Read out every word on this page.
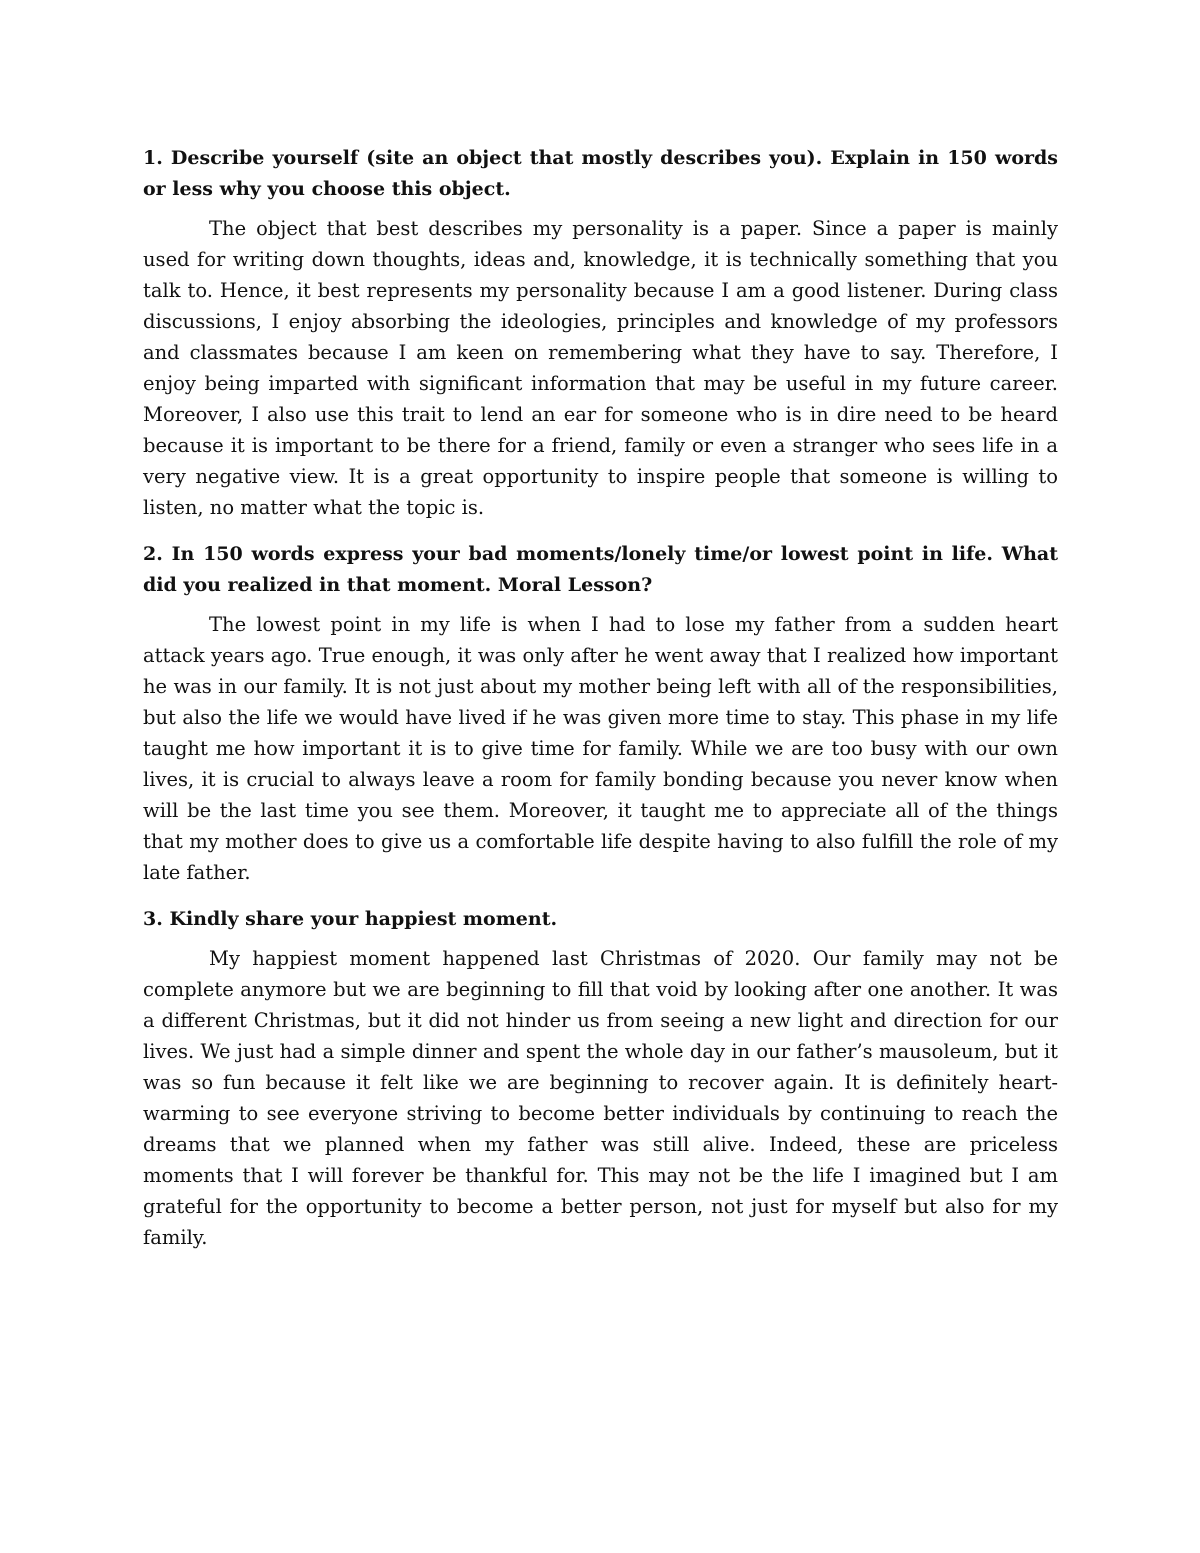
1. Describe yourself (site an object that mostly describes you). Explain in 150 words or less why you choose this object.

The object that best describes my personality is a paper. Since a paper is mainly used for writing down thoughts, ideas and, knowledge, it is technically something that you talk to. Hence, it best represents my personality because I am a good listener. During class discussions, I enjoy absorbing the ideologies, principles and knowledge of my professors and classmates because I am keen on remembering what they have to say. Therefore, I enjoy being imparted with significant information that may be useful in my future career. Moreover, I also use this trait to lend an ear for someone who is in dire need to be heard because it is important to be there for a friend, family or even a stranger who sees life in a very negative view. It is a great opportunity to inspire people that someone is willing to listen, no matter what the topic is.

2. In 150 words express your bad moments/lonely time/or lowest point in life. What did you realized in that moment. Moral Lesson?

The lowest point in my life is when I had to lose my father from a sudden heart attack years ago. True enough, it was only after he went away that I realized how important he was in our family. It is not just about my mother being left with all of the responsibilities, but also the life we would have lived if he was given more time to stay. This phase in my life taught me how important it is to give time for family. While we are too busy with our own lives, it is crucial to always leave a room for family bonding because you never know when will be the last time you see them. Moreover, it taught me to appreciate all of the things that my mother does to give us a comfortable life despite having to also fulfill the role of my late father.

3. Kindly share your happiest moment.

My happiest moment happened last Christmas of 2020. Our family may not be complete anymore but we are beginning to fill that void by looking after one another. It was a different Christmas, but it did not hinder us from seeing a new light and direction for our lives. We just had a simple dinner and spent the whole day in our father’s mausoleum, but it was so fun because it felt like we are beginning to recover again. It is definitely heart-warming to see everyone striving to become better individuals by continuing to reach the dreams that we planned when my father was still alive. Indeed, these are priceless moments that I will forever be thankful for. This may not be the life I imagined but I am grateful for the opportunity to become a better person, not just for myself but also for my family.
